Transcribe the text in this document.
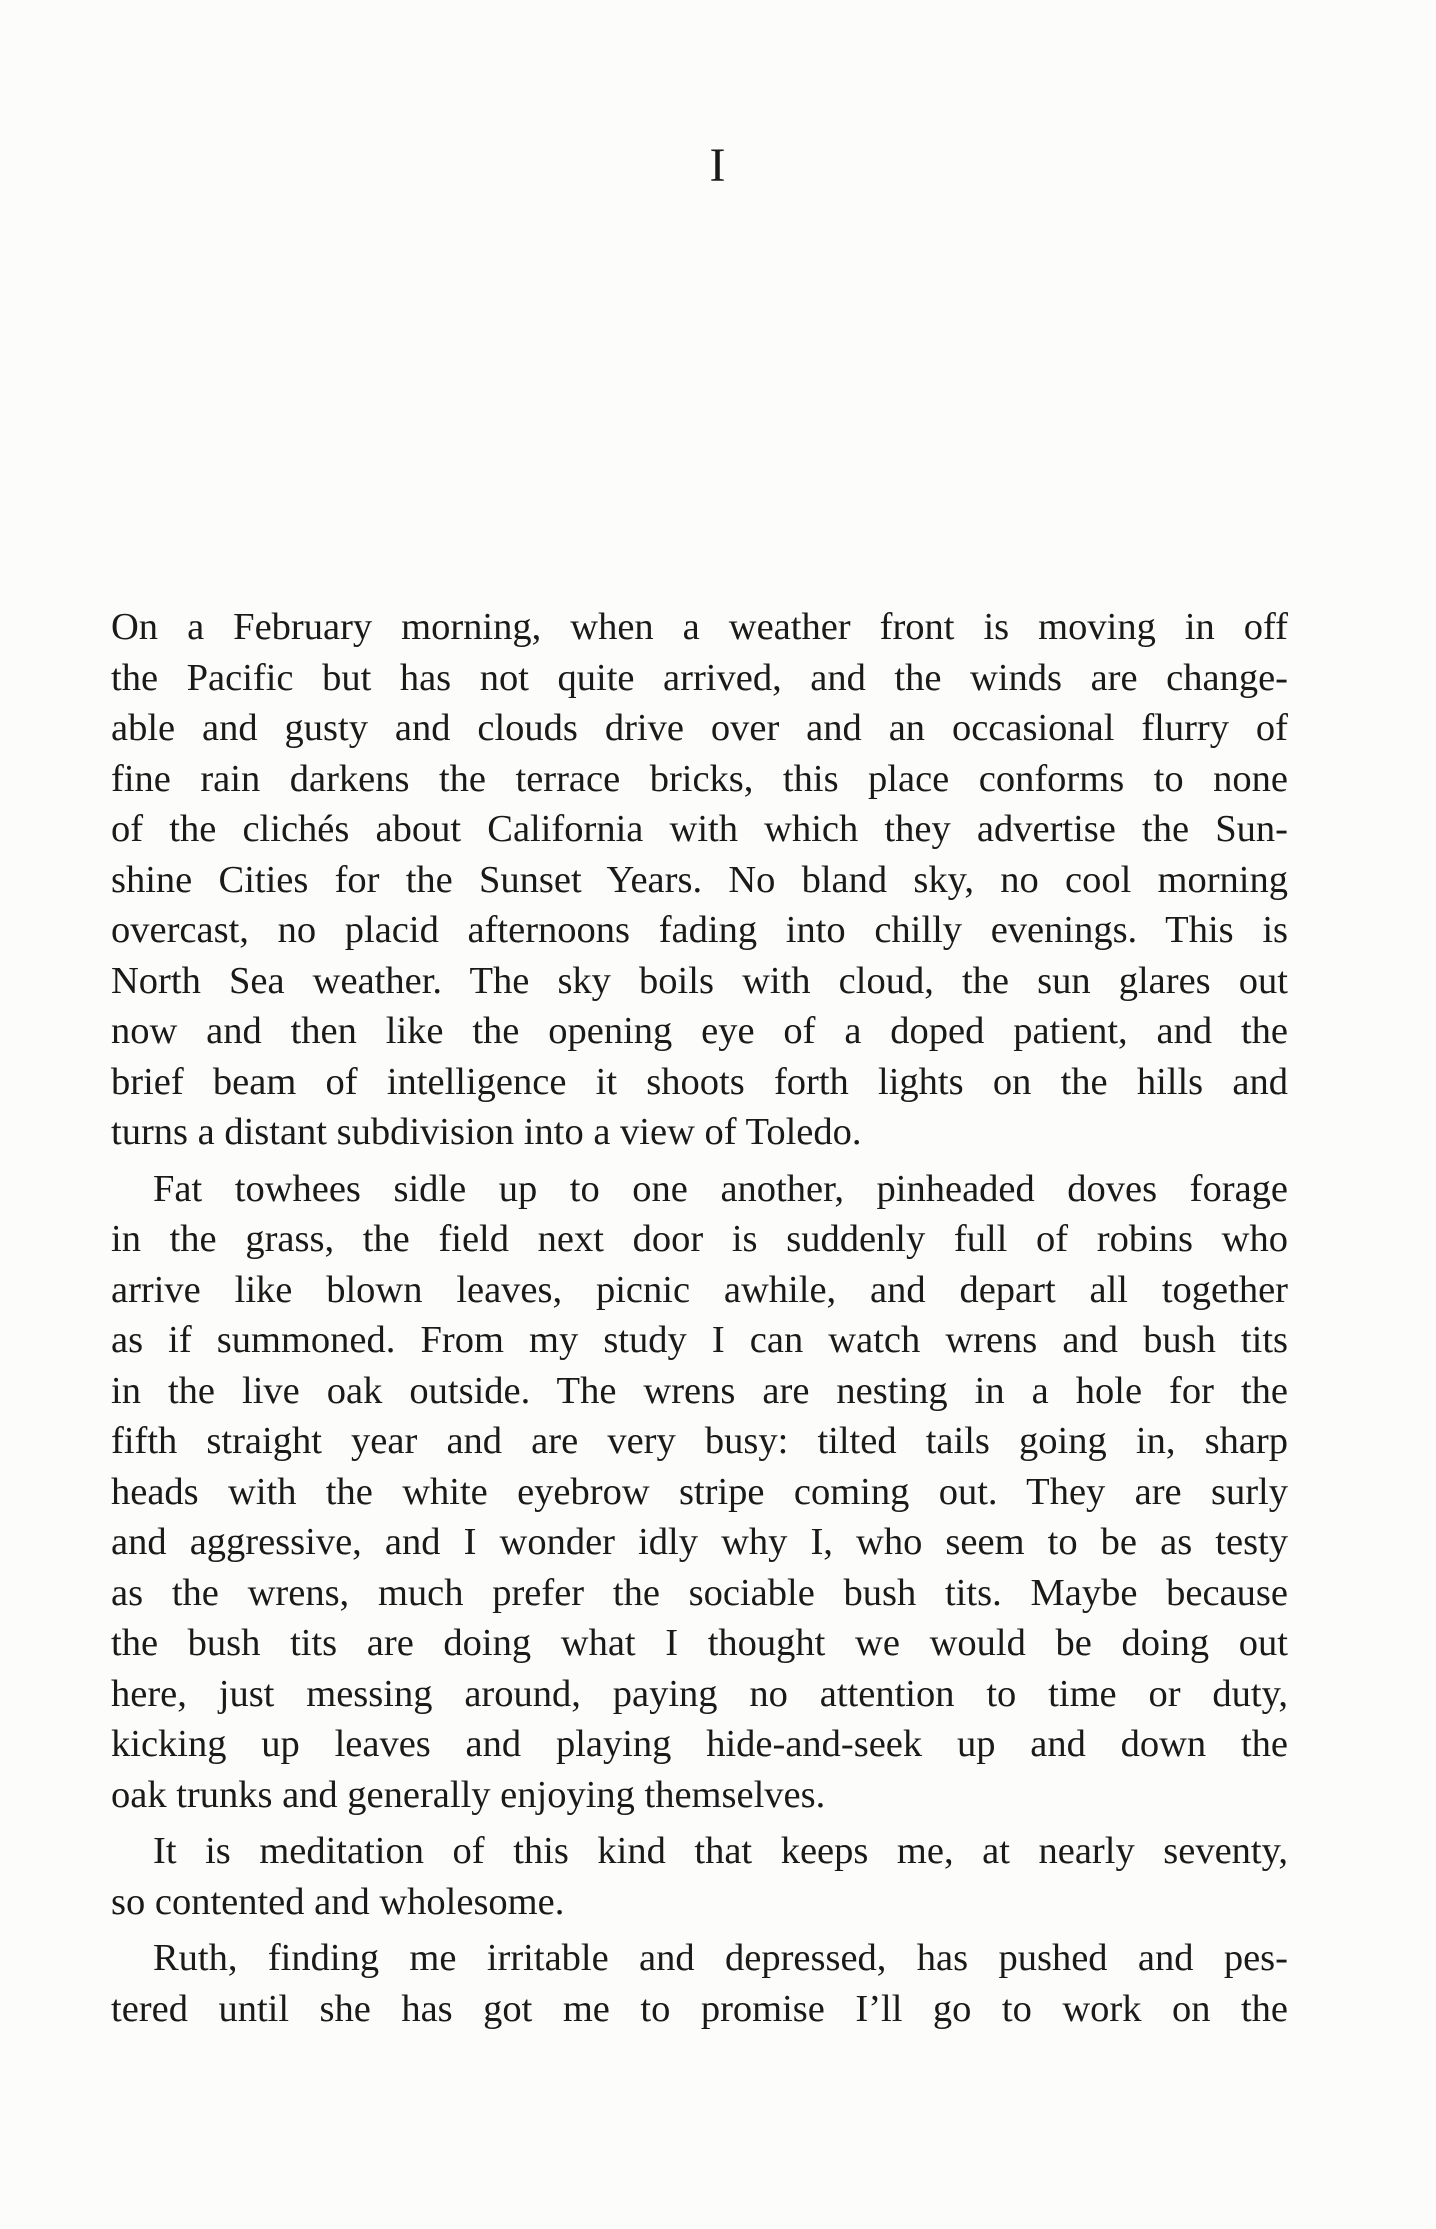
I

On a February morning, when a weather front is moving in off
the Pacific but has not quite arrived, and the winds are change-
able and gusty and clouds drive over and an occasional flurry of
fine rain darkens the terrace bricks, this place conforms to none
of the clichés about California with which they advertise the Sun-
shine Cities for the Sunset Years. No bland sky, no cool morning
overcast, no placid afternoons fading into chilly evenings. This is
North Sea weather. The sky boils with cloud, the sun glares out
now and then like the opening eye of a doped patient, and the
brief beam of intelligence it shoots forth lights on the hills and
turns a distant subdivision into a view of Toledo.

Fat towhees sidle up to one another, pinheaded doves forage
in the grass, the field next door is suddenly full of robins who
arrive like blown leaves, picnic awhile, and depart all together
as if summoned. From my study I can watch wrens and bush tits
in the live oak outside. The wrens are nesting in a hole for the
fifth straight year and are very busy: tilted tails going in, sharp
heads with the white eyebrow stripe coming out. They are surly
and aggressive, and I wonder idly why I, who seem to be as testy
as the wrens, much prefer the sociable bush tits. Maybe because
the bush tits are doing what I thought we would be doing out
here, just messing around, paying no attention to time or duty,
kicking up leaves and playing hide-and-seek up and down the
oak trunks and generally enjoying themselves.

It is meditation of this kind that keeps me, at nearly seventy,
so contented and wholesome.

Ruth, finding me irritable and depressed, has pushed and pes-
tered until she has got me to promise I’ll go to work on the
